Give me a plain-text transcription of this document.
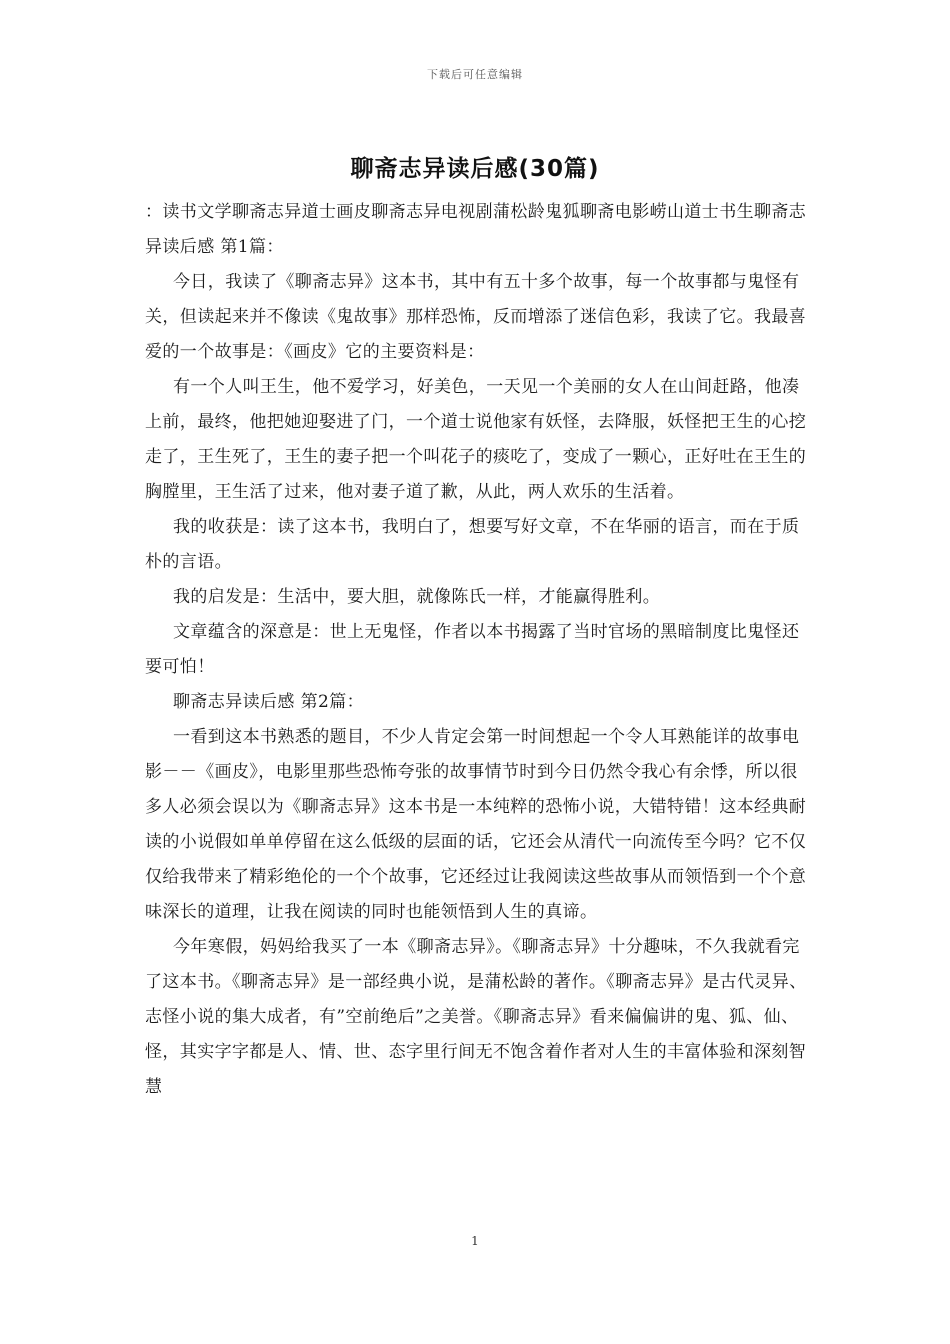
下载后可任意编辑
聊斋志异读后感(30篇)

：读书文学聊斋志异道士画皮聊斋志异电视剧蒲松龄鬼狐聊斋电影崂山道士书生聊斋志异读后感 第1篇：

今日，我读了《聊斋志异》这本书，其中有五十多个故事，每一个故事都与鬼怪有关，但读起来并不像读《鬼故事》那样恐怖，反而增添了迷信色彩，我读了它。我最喜爱的一个故事是：《画皮》它的主要资料是：

有一个人叫王生，他不爱学习，好美色，一天见一个美丽的女人在山间赶路，他凑上前，最终，他把她迎娶进了门，一个道士说他家有妖怪，去降服，妖怪把王生的心挖走了，王生死了，王生的妻子把一个叫花子的痰吃了，变成了一颗心，正好吐在王生的胸膛里，王生活了过来，他对妻子道了歉，从此，两人欢乐的生活着。

我的收获是：读了这本书，我明白了，想要写好文章，不在华丽的语言，而在于质朴的言语。

我的启发是：生活中，要大胆，就像陈氏一样，才能赢得胜利。

文章蕴含的深意是：世上无鬼怪，作者以本书揭露了当时官场的黑暗制度比鬼怪还要可怕！

聊斋志异读后感 第2篇：

一看到这本书熟悉的题目，不少人肯定会第一时间想起一个令人耳熟能详的故事电影－－《画皮》，电影里那些恐怖夸张的故事情节时到今日仍然令我心有余悸，所以很多人必须会误以为《聊斋志异》这本书是一本纯粹的恐怖小说，大错特错！这本经典耐读的小说假如单单停留在这么低级的层面的话，它还会从清代一向流传至今吗？它不仅仅给我带来了精彩绝伦的一个个故事，它还经过让我阅读这些故事从而领悟到一个个意味深长的道理，让我在阅读的同时也能领悟到人生的真谛。

今年寒假，妈妈给我买了一本《聊斋志异》。《聊斋志异》十分趣味，不久我就看完了这本书。《聊斋志异》是一部经典小说，是蒲松龄的著作。《聊斋志异》是古代灵异、志怪小说的集大成者，有”空前绝后”之美誉。《聊斋志异》看来偏偏讲的鬼、狐、仙、怪，其实字字都是人、情、世、态字里行间无不饱含着作者对人生的丰富体验和深刻智慧

1
